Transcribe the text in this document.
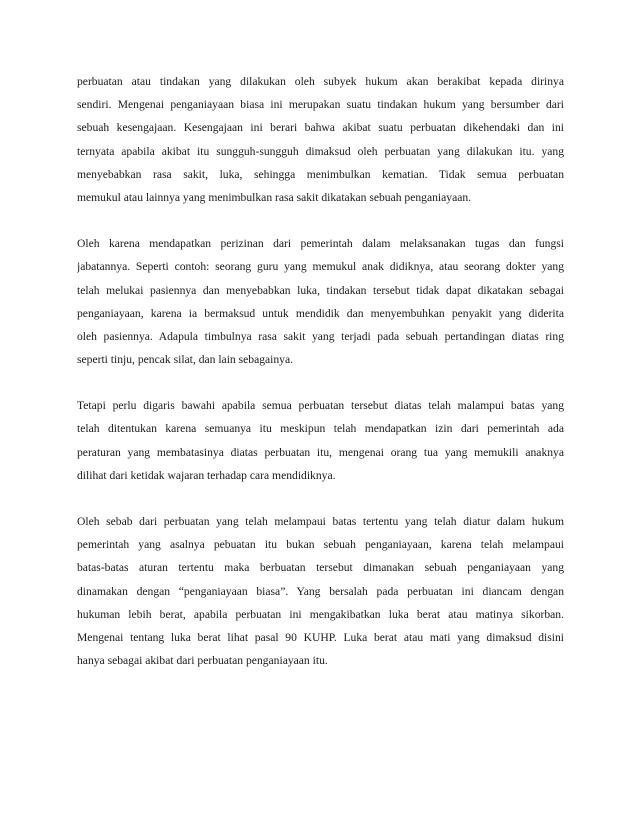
perbuatan atau tindakan yang dilakukan oleh subyek hukum akan berakibat kepada dirinya
sendiri. Mengenai penganiayaan biasa ini merupakan suatu tindakan hukum yang bersumber dari
sebuah kesengajaan. Kesengajaan ini berari bahwa akibat suatu perbuatan dikehendaki dan ini
ternyata apabila akibat itu sungguh-sungguh dimaksud oleh perbuatan yang dilakukan itu. yang
menyebabkan rasa sakit, luka, sehingga menimbulkan kematian. Tidak semua perbuatan
memukul atau lainnya yang menimbulkan rasa sakit dikatakan sebuah penganiayaan.
Oleh karena mendapatkan perizinan dari pemerintah dalam melaksanakan tugas dan fungsi
jabatannya. Seperti contoh: seorang guru yang memukul anak didiknya, atau seorang dokter yang
telah melukai pasiennya dan menyebabkan luka, tindakan tersebut tidak dapat dikatakan sebagai
penganiayaan, karena ia bermaksud untuk mendidik dan menyembuhkan penyakit yang diderita
oleh pasiennya. Adapula timbulnya rasa sakit yang terjadi pada sebuah pertandingan diatas ring
seperti tinju, pencak silat, dan lain sebagainya.
Tetapi perlu digaris bawahi apabila semua perbuatan tersebut diatas telah malampui batas yang
telah ditentukan karena semuanya itu meskipun telah mendapatkan izin dari pemerintah ada
peraturan yang membatasinya diatas perbuatan itu, mengenai orang tua yang memukili anaknya
dilihat dari ketidak wajaran terhadap cara mendidiknya.
Oleh sebab dari perbuatan yang telah melampaui batas tertentu yang telah diatur dalam hukum
pemerintah yang asalnya pebuatan itu bukan sebuah penganiayaan, karena telah melampaui
batas-batas aturan tertentu maka berbuatan tersebut dimanakan sebuah penganiayaan yang
dinamakan dengan “penganiayaan biasa”. Yang bersalah pada perbuatan ini diancam dengan
hukuman lebih berat, apabila perbuatan ini mengakibatkan luka berat atau matinya sikorban.
Mengenai tentang luka berat lihat pasal 90 KUHP. Luka berat atau mati yang dimaksud disini
hanya sebagai akibat dari perbuatan penganiayaan itu.
